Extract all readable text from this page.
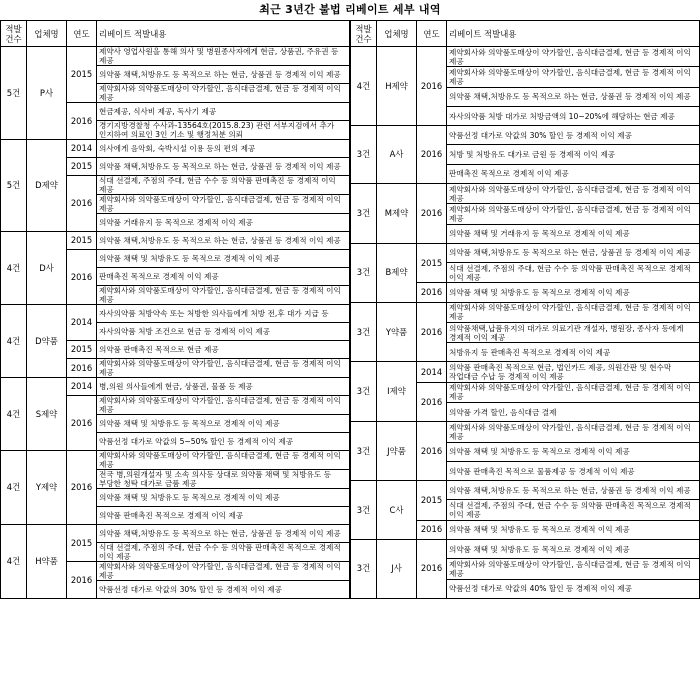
최근 3년간 불법 리베이트 세부 내역
적발
건수	업체명	연도	리베이트 적발내용
5건	P사	2015	제약사 영업사원을 통해 의사 및 병원종사자에게 현금, 상품권, 주유권 등 제공

			의약품 채택,처방유도 등 목적으로 하는 현금, 상품권 등 경제적 이익 제공

			제약회사와 의약품도매상이 약가할인, 음식대금결제, 현금 등 경제적 이익 제공

		2016	현금제공, 식사비 제공, 독사기 제공

			경기지방경찰청 수사과-13564호(2015.8.23) 관련 서부지검에서 추가 인지하여 의료인 3인 기소 및 행정처분 의뢰

5건	D제약	2014	의사에게 음악회, 숙박시설 이용 등의 편의 제공

		2015	의약품 채택,처방유도 등 목적으로 하는 현금, 상품권 등 경제적 이익 제공

		2016	식대 선결제, 주점의 주대, 현금 수수 등 의약품 판매촉진 등 경제적 이익 제공

			제약회사와 의약품도매상이 약가할인, 음식대금결제, 현금 등 경제적 이익 제공

			의약품 거래유지 등 목적으로 경제적 이익 제공

4건	D사	2015	의약품 채택,처방유도 등 목적으로 하는 현금, 상품권 등 경제적 이익 제공

		2016	의약품 채택 및 처방유도 등 목적으로 경제적 이익 제공

			판매촉진 목적으로 경제적 이익 제공

			제약회사와 의약품도매상이 약가할인, 음식대금결제, 현금 등 경제적 이익 제공

4건	D약품	2014	자사의약품 처방약속 또는 처방한 의사들에게 처방 전,후 대가 지급 등

			자사의약품 처방 조건으로 현금 등 경제적 이익 제공

		2015	의약품 판매촉진 목적으로 현금 제공

		2016	제약회사와 의약품도매상이 약가할인, 음식대금결제, 현금 등 경제적 이익 제공

4건	S제약	2014	병,의원 의사들에게 현금, 상품권, 물품 등 제공

		2016	제약회사와 의약품도매상이 약가할인, 음식대금결제, 현금 등 경제적 이익 제공

			의약품 채택 및 처방유도 등 목적으로 경제적 이익 제공

			약품선정 대가로 약값의 5~50% 할인 등 경제적 이익 제공

4건	Y제약	2016	제약회사와 의약품도매상이 약가할인, 음식대금결제, 현금 등 경제적 이익 제공

			전국 병,의원개설자 및 소속 의사등 상대로 의약품 채택 및 처방유도 등 부당한 청탁 대가로 금품 제공

			의약품 채택 및 처방유도 등 목적으로 경제적 이익 제공

			의약품 판매촉진 목적으로 경제적 이익 제공

4건	H약품	2015	의약품 채택,처방유도 등 목적으로 하는 현금, 상품권 등 경제적 이익 제공

			식대 선결제, 주점의 주대, 현금 수수 등 의약품 판매촉진 목적으로 경제적 이익 제공

		2016	제약회사와 의약품도매상이 약가할인, 음식대금결제, 현금 등 경제적 이익 제공

			약품선정 대가로 약값의 30% 할인 등 경제적 이익 제공
적발
건수	업체명	연도	리베이트 적발내용
4건	H제약	2016	제약회사와 의약품도매상이 약가할인, 음식대금결제, 현금 등 경제적 이익 제공

			제약회사와 의약품도매상이 약가할인, 음식대금결제, 현금 등 경제적 이익 제공

			의약품 채택,처방유도 등 목적으로 하는 현금, 상품권 등 경제적 이익 제공

			자사의약품 처방 대가로 처방금액의 10~20%에 해당하는 현금 제공

3건	A사	2016	약품선정 대가로 약값의 30% 할인 등 경제적 이익 제공

			처방 및 처방유도 대가로 금원 등 경제적 이익 제공

			판매촉진 목적으로 경제적 이익 제공

3건	M제약	2016	제약회사와 의약품도매상이 약가할인, 음식대금결제, 현금 등 경제적 이익 제공

			제약회사와 의약품도매상이 약가할인, 음식대금결제, 현금 등 경제적 이익 제공

			의약품 채택 및 거래유지 등 목적으로 경제적 이익 제공

3건	B제약	2015	의약품 채택,처방유도 등 목적으로 하는 현금, 상품권 등 경제적 이익 제공

			식대 선결제, 주점의 주대, 현금 수수 등 의약품 판매촉진 목적으로 경제적 이익 제공

		2016	의약품 채택 및 처방유도 등 목적으로 경제적 이익 제공

3건	Y약품	2016	제약회사와 의약품도매상이 약가할인, 음식대금결제, 현금 등 경제적 이익 제공

			의약품채택,납품유지의 대가로 의료기관 개설자, 병원장, 종사자 등에게 경제적 이익 제공

			처방유지 등 판매촉진 목적으로 경제적 이익 제공

3건	I제약	2014	의약품 판매촉진 목적으로 현금, 법인카드 제공, 의원간판 및 현수막 작업대금 수납 등 경제적 이익 제공

		2016	제약회사와 의약품도매상이 약가할인, 음식대금결제, 현금 등 경제적 이익 제공

			의약품 가격 할인, 음식대금 결제

3건	J약품	2016	제약회사와 의약품도매상이 약가할인, 음식대금결제, 현금 등 경제적 이익 제공

			의약품 채택 및 처방유도 등 목적으로 경제적 이익 제공

			의약품 판매촉진 목적으로 물품제공 등 경제적 이익 제공

3건	C사	2015	의약품 채택,처방유도 등 목적으로 하는 현금, 상품권 등 경제적 이익 제공

			식대 선결제, 주점의 주대, 현금 수수 등 의약품 판매촉진 목적으로 경제적 이익 제공

		2016	의약품 채택 및 처방유도 등 목적으로 경제적 이익 제공

3건	J사	2016	의약품 채택 및 처방유도 등 목적으로 경제적 이익 제공

			제약회사와 의약품도매상이 약가할인, 음식대금결제, 현금 등 경제적 이익 제공

			약품선정 대가로 약값의 40% 할인 등 경제적 이익 제공
